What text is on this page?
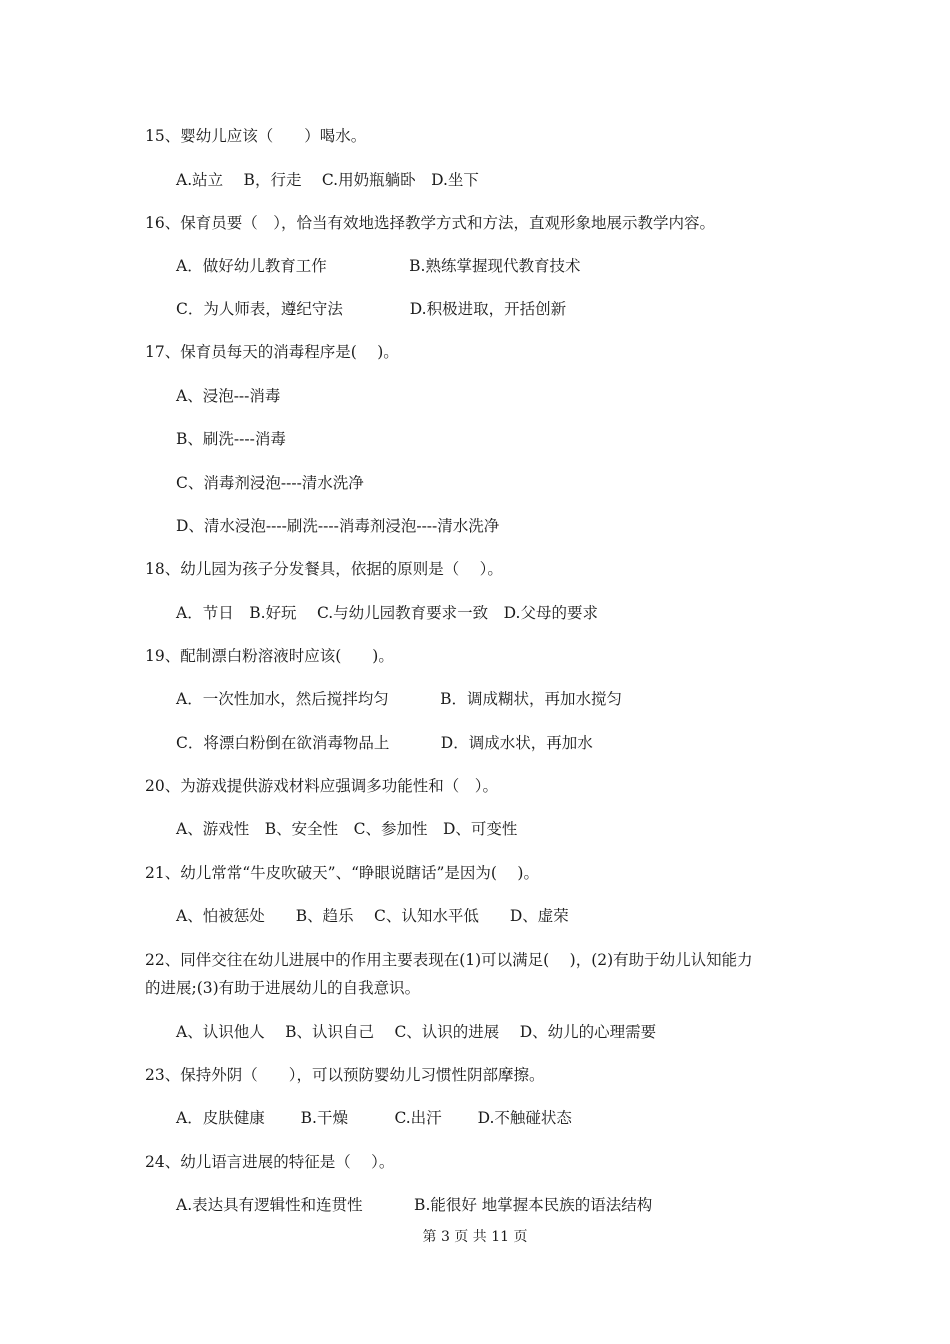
15、婴幼儿应该（　　）喝水。
A.站立　 B，行走　 C.用奶瓶躺卧　D.坐下
16、保育员要（　），恰当有效地选择教学方式和方法，直观形象地展示教学内容。
A．做好幼儿教育工作　　　　　 B.熟练掌握现代教育技术
C．为人师表，遵纪守法　　　　 D.积极进取，开括创新
17、保育员每天的消毒程序是(　 )。
A、浸泡---消毒
B、刷洗----消毒
C、消毒剂浸泡----清水洗净
D、清水浸泡----刷洗----消毒剂浸泡----清水洗净
18、幼儿园为孩子分发餐具，依据的原则是（　 ）。
A．节日　B.好玩　 C.与幼儿园教育要求一致　D.父母的要求
19、配制漂白粉溶液时应该(　　)。
A．一次性加水，然后搅拌均匀　　　 B．调成糊状，再加水搅匀
C．将漂白粉倒在欲消毒物品上　　　 D．调成水状，再加水
20、为游戏提供游戏材料应强调多功能性和（　）。
A、游戏性　B、安全性　C、参加性　D、可变性
21、幼儿常常“牛皮吹破天”、“睁眼说瞎话”是因为(　 )。
A、怕被惩处　　B、趋乐　 C、认知水平低　　D、虚荣
22、同伴交往在幼儿进展中的作用主要表现在(1)可以满足(　 )，(2)有助于幼儿认知能力
的进展;(3)有助于进展幼儿的自我意识。
A、认识他人　 B、认识自己　 C、认识的进展　 D、幼儿的心理需要
23、保持外阴（　　），可以预防婴幼儿习惯性阴部摩擦。
A．皮肤健康　　 B.干燥　　　C.出汗　　 D.不触碰状态
24、幼儿语言进展的特征是（　 ）。
A.表达具有逻辑性和连贯性　　　 B.能很好 地掌握本民族的语法结构
第 3 页 共 11 页
